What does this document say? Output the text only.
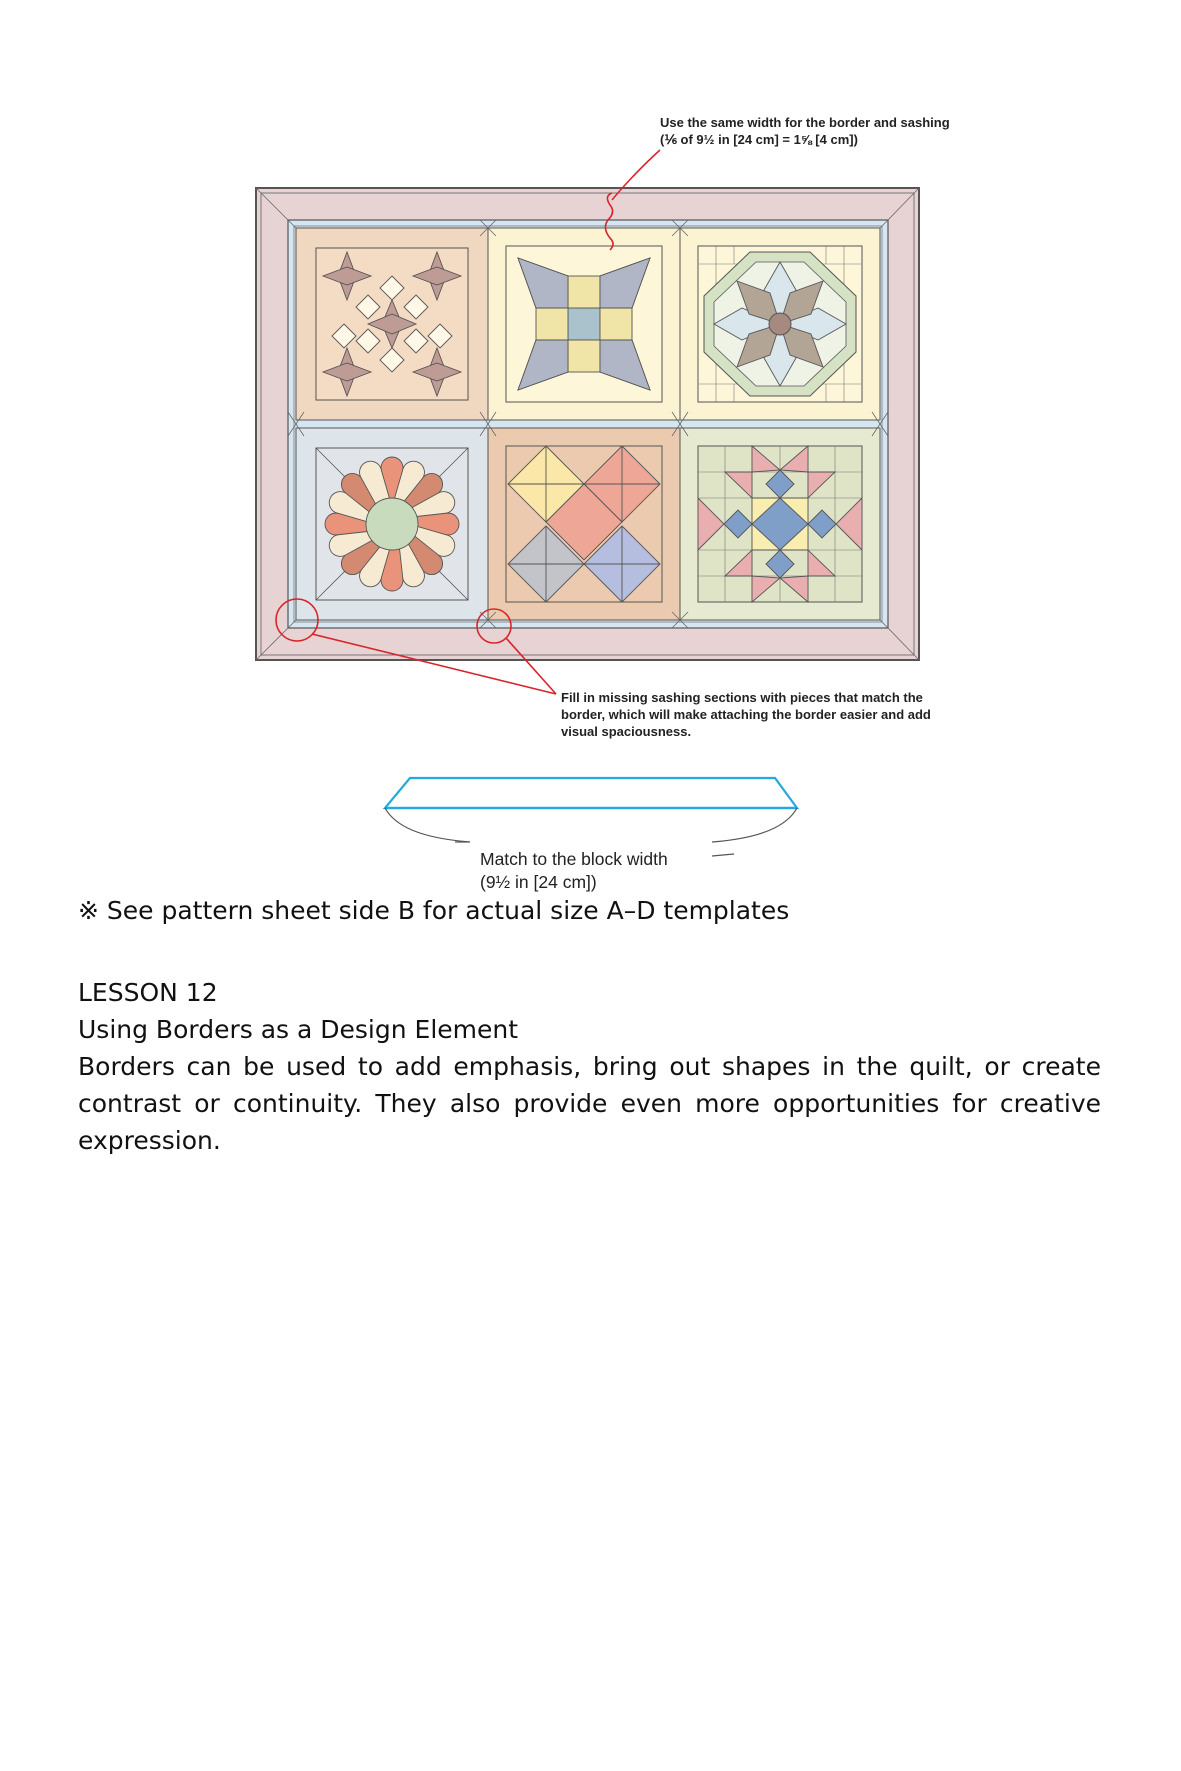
Use the same width for the border and sashing (⅙ of 9½ in [24 cm] = 1⅝ [4 cm])
Fill in missing sashing sections with pieces that match the border, which will make attaching the border easier and add visual spaciousness.
Match to the block width
(9½ in [24 cm])
※ See pattern sheet side B for actual size A–D templates

LESSON 12

Using Borders as a Design Element

Borders can be used to add emphasis, bring out shapes in the quilt, or create contrast or continuity. They also provide even more opportunities for creative expression.
